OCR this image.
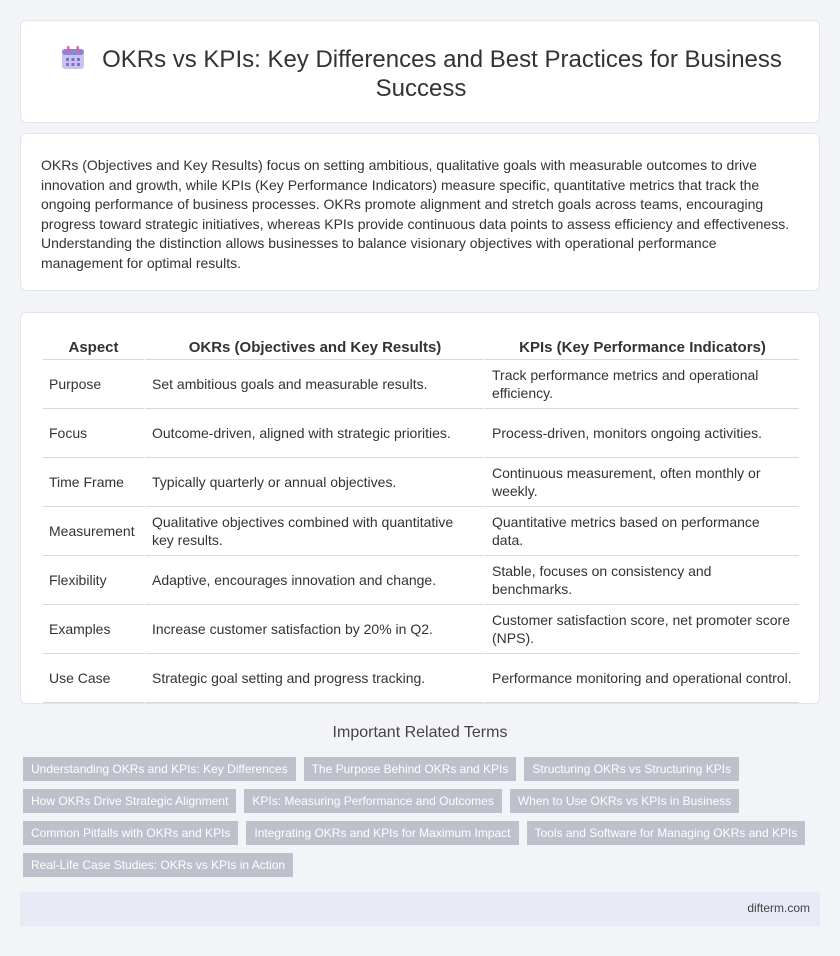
OKRs vs KPIs: Key Differences and Best Practices for Business Success

OKRs (Objectives and Key Results) focus on setting ambitious, qualitative goals with measurable outcomes to drive innovation and growth, while KPIs (Key Performance Indicators) measure specific, quantitative metrics that track the ongoing performance of business processes. OKRs promote alignment and stretch goals across teams, encouraging progress toward strategic initiatives, whereas KPIs provide continuous data points to assess efficiency and effectiveness. Understanding the distinction allows businesses to balance visionary objectives with operational performance management for optimal results.

Aspect	OKRs (Objectives and Key Results)	KPIs (Key Performance Indicators)
Purpose	Set ambitious goals and measurable results.	Track performance metrics and operational efficiency.
Focus	Outcome-driven, aligned with strategic priorities.	Process-driven, monitors ongoing activities.
Time Frame	Typically quarterly or annual objectives.	Continuous measurement, often monthly or weekly.
Measurement	Qualitative objectives combined with quantitative key results.	Quantitative metrics based on performance data.
Flexibility	Adaptive, encourages innovation and change.	Stable, focuses on consistency and benchmarks.
Examples	Increase customer satisfaction by 20% in Q2.	Customer satisfaction score, net promoter score (NPS).
Use Case	Strategic goal setting and progress tracking.	Performance monitoring and operational control.
Important Related Terms
Understanding OKRs and KPIs: Key Differences	The Purpose Behind OKRs and KPIs	Structuring OKRs vs Structuring KPIs
How OKRs Drive Strategic Alignment	KPIs: Measuring Performance and Outcomes	When to Use OKRs vs KPIs in Business
Common Pitfalls with OKRs and KPIs	Integrating OKRs and KPIs for Maximum Impact	Tools and Software for Managing OKRs and KPIs
Real-Life Case Studies: OKRs vs KPIs in Action
difterm.com
